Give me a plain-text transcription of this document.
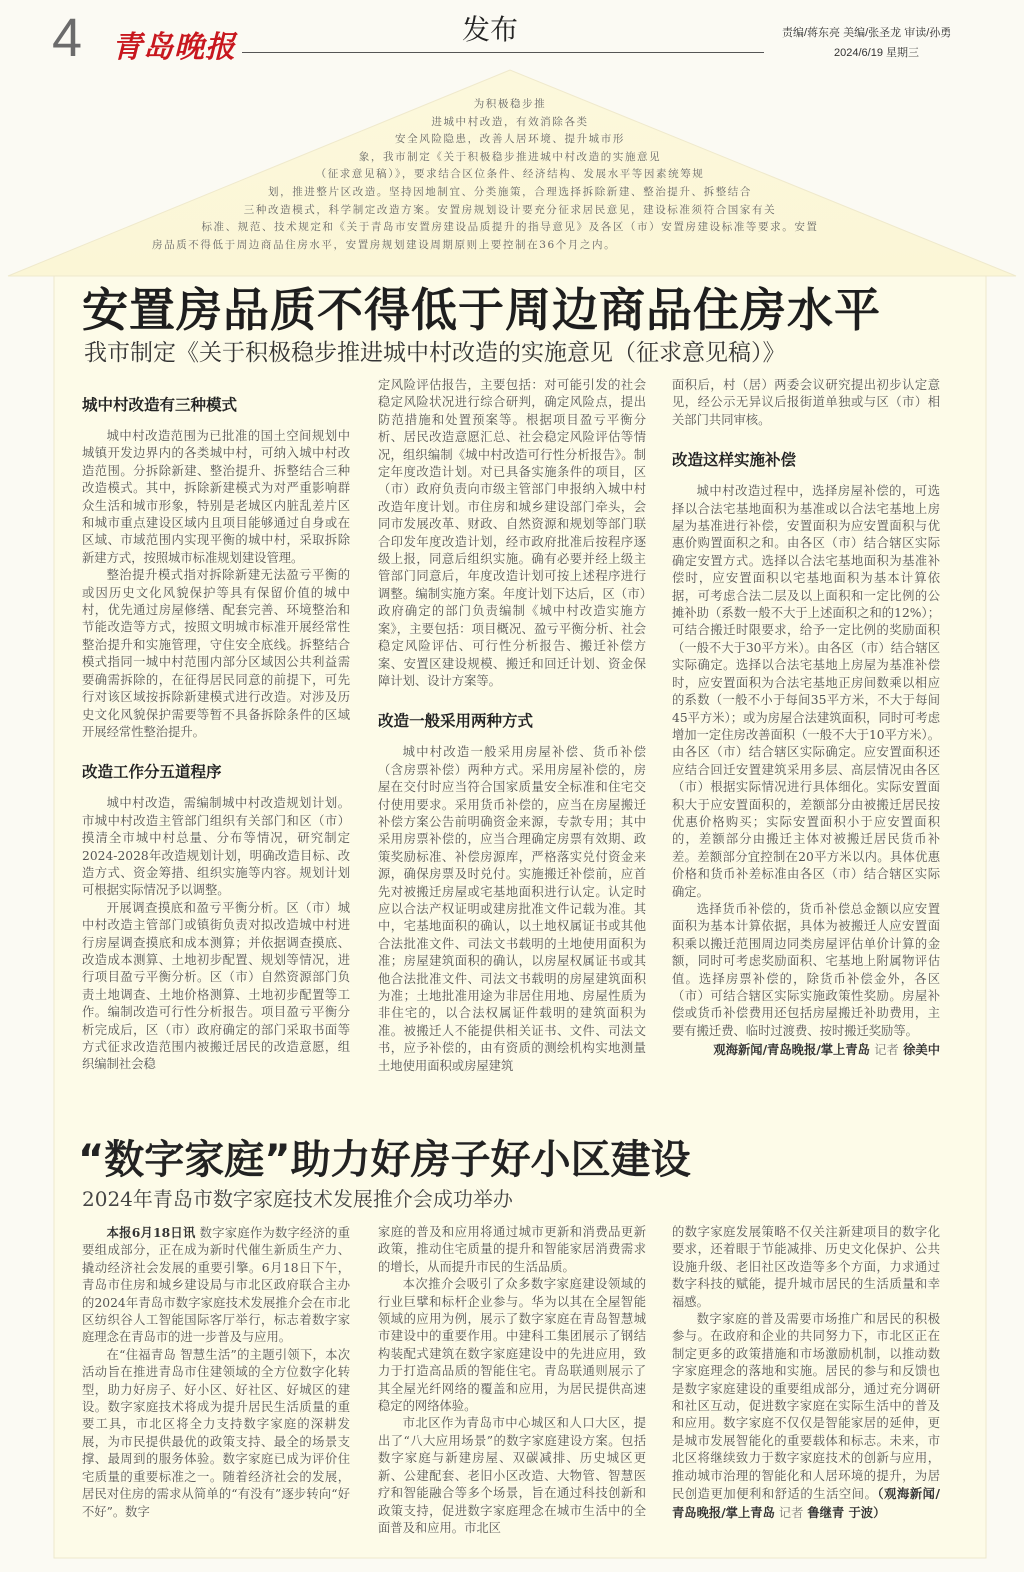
4 青岛晚报
发布	责编/蒋东亮 美编/张圣龙 审读/孙勇
2024/6/19 星期三
为积极稳步推
进城中村改造，有效消除各类
安全风险隐患，改善人居环境、提升城市形
象，我市制定《关于积极稳步推进城中村改造的实施意见
（征求意见稿）》，要求结合区位条件、经济结构、发展水平等因素统筹规
划，推进整片区改造。坚持因地制宜、分类施策，合理选择拆除新建、整治提升、拆整结合
三种改造模式，科学制定改造方案。安置房规划设计要充分征求居民意见，建设标准须符合国家有关
标准、规范、技术规定和《关于青岛市安置房建设品质提升的指导意见》及各区（市）安置房建设标准等要求。安置
房品质不得低于周边商品住房水平，安置房规划建设周期原则上要控制在36个月之内。
安置房品质不得低于周边商品住房水平
我市制定《关于积极稳步推进城中村改造的实施意见（征求意见稿）》
城中村改造有三种模式

城中村改造范围为已批准的国土空间规划中城镇开发边界内的各类城中村，可纳入城中村改造范围。分拆除新建、整治提升、拆整结合三种改造模式。其中，拆除新建模式为对严重影响群众生活和城市形象，特别是老城区内脏乱差片区和城市重点建设区域内且项目能够通过自身或在区域、市域范围内实现平衡的城中村，采取拆除新建方式，按照城市标准规划建设管理。

整治提升模式指对拆除新建无法盈亏平衡的或因历史文化风貌保护等具有保留价值的城中村，优先通过房屋修缮、配套完善、环境整治和节能改造等方式，按照文明城市标准开展经常性整治提升和实施管理，守住安全底线。拆整结合模式指同一城中村范围内部分区域因公共利益需要确需拆除的，在征得居民同意的前提下，可先行对该区域按拆除新建模式进行改造。对涉及历史文化风貌保护需要等暂不具备拆除条件的区域开展经常性整治提升。

改造工作分五道程序

城中村改造，需编制城中村改造规划计划。市城中村改造主管部门组织有关部门和区（市）摸清全市城中村总量、分布等情况，研究制定2024-2028年改造规划计划，明确改造目标、改造方式、资金筹措、组织实施等内容。规划计划可根据实际情况予以调整。

开展调查摸底和盈亏平衡分析。区（市）城中村改造主管部门或镇街负责对拟改造城中村进行房屋调查摸底和成本测算；并依据调查摸底、改造成本测算、土地初步配置、规划等情况，进行项目盈亏平衡分析。区（市）自然资源部门负责土地调查、土地价格测算、土地初步配置等工作。编制改造可行性分析报告。项目盈亏平衡分析完成后，区（市）政府确定的部门采取书面等方式征求改造范围内被搬迁居民的改造意愿，组织编制社会稳

定风险评估报告，主要包括：对可能引发的社会稳定风险状况进行综合研判，确定风险点，提出防范措施和处置预案等。根据项目盈亏平衡分析、居民改造意愿汇总、社会稳定风险评估等情况，组织编制《城中村改造可行性分析报告》。制定年度改造计划。对已具备实施条件的项目，区（市）政府负责向市级主管部门申报纳入城中村改造年度计划。市住房和城乡建设部门牵头，会同市发展改革、财政、自然资源和规划等部门联合印发年度改造计划，经市政府批准后按程序逐级上报，同意后组织实施。确有必要并经上级主管部门同意后，年度改造计划可按上述程序进行调整。编制实施方案。年度计划下达后，区（市）政府确定的部门负责编制《城中村改造实施方案》，主要包括：项目概况、盈亏平衡分析、社会稳定风险评估、可行性分析报告、搬迁补偿方案、安置区建设规模、搬迁和回迁计划、资金保障计划、设计方案等。

改造一般采用两种方式

城中村改造一般采用房屋补偿、货币补偿（含房票补偿）两种方式。采用房屋补偿的，房屋在交付时应当符合国家质量安全标准和住宅交付使用要求。采用货币补偿的，应当在房屋搬迁补偿方案公告前明确资金来源，专款专用；其中采用房票补偿的，应当合理确定房票有效期、政策奖励标准、补偿房源库，严格落实兑付资金来源，确保房票及时兑付。实施搬迁补偿前，应首先对被搬迁房屋或宅基地面积进行认定。认定时应以合法产权证明或建房批准文件记载为准。其中，宅基地面积的确认，以土地权属证书或其他合法批准文件、司法文书载明的土地使用面积为准；房屋建筑面积的确认，以房屋权属证书或其他合法批准文件、司法文书载明的房屋建筑面积为准；土地批准用途为非居住用地、房屋性质为非住宅的，以合法权属证件载明的建筑面积为准。被搬迁人不能提供相关证书、文件、司法文书，应予补偿的，由有资质的测绘机构实地测量土地使用面积或房屋建筑

面积后，村（居）两委会议研究提出初步认定意见，经公示无异议后报街道单独或与区（市）相关部门共同审核。

改造这样实施补偿

城中村改造过程中，选择房屋补偿的，可选择以合法宅基地面积为基准或以合法宅基地上房屋为基准进行补偿，安置面积为应安置面积与优惠价购置面积之和。由各区（市）结合辖区实际确定安置方式。选择以合法宅基地面积为基准补偿时，应安置面积以宅基地面积为基本计算依据，可考虑合法二层及以上面积和一定比例的公摊补助（系数一般不大于上述面积之和的12%）；可结合搬迁时限要求，给予一定比例的奖励面积（一般不大于30平方米）。由各区（市）结合辖区实际确定。选择以合法宅基地上房屋为基准补偿时，应安置面积为合法宅基地正房间数乘以相应的系数（一般不小于每间35平方米，不大于每间45平方米）；或为房屋合法建筑面积，同时可考虑增加一定住房改善面积（一般不大于10平方米）。由各区（市）结合辖区实际确定。应安置面积还应结合回迁安置建筑采用多层、高层情况由各区（市）根据实际情况进行具体细化。实际安置面积大于应安置面积的，差额部分由被搬迁居民按优惠价格购买；实际安置面积小于应安置面积的，差额部分由搬迁主体对被搬迁居民货币补差。差额部分宜控制在20平方米以内。具体优惠价格和货币补差标准由各区（市）结合辖区实际确定。

选择货币补偿的，货币补偿总金额以应安置面积为基本计算依据，具体为被搬迁人应安置面积乘以搬迁范围周边同类房屋评估单价计算的金额，同时可考虑奖励面积、宅基地上附属物评估值。选择房票补偿的，除货币补偿金外，各区（市）可结合辖区实际实施政策性奖励。房屋补偿或货币补偿费用还包括房屋搬迁补助费用，主要有搬迁费、临时过渡费、按时搬迁奖励等。

观海新闻/青岛晚报/掌上青岛 记者 徐美中
“数字家庭”助力好房子好小区建设
2024年青岛市数字家庭技术发展推介会成功举办

本报6月18日讯 数字家庭作为数字经济的重要组成部分，正在成为新时代催生新质生产力、撬动经济社会发展的重要引擎。6月18日下午，青岛市住房和城乡建设局与市北区政府联合主办的2024年青岛市数字家庭技术发展推介会在市北区纺织谷人工智能国际客厅举行，标志着数字家庭理念在青岛市的进一步普及与应用。

在“住福青岛 智慧生活”的主题引领下，本次活动旨在推进青岛市住建领域的全方位数字化转型，助力好房子、好小区、好社区、好城区的建设。数字家庭技术将成为提升居民生活质量的重要工具，市北区将全力支持数字家庭的深耕发展，为市民提供最优的政策支持、最全的场景支撑、最周到的服务体验。数字家庭已成为评价住宅质量的重要标准之一。随着经济社会的发展，居民对住房的需求从简单的“有没有”逐步转向“好不好”。数字

家庭的普及和应用将通过城市更新和消费品更新政策，推动住宅质量的提升和智能家居消费需求的增长，从而提升市民的生活品质。

本次推介会吸引了众多数字家庭建设领域的行业巨擘和标杆企业参与。华为以其在全屋智能领域的应用为例，展示了数字家庭在青岛智慧城市建设中的重要作用。中建科工集团展示了钢结构装配式建筑在数字家庭建设中的先进应用，致力于打造高品质的智能住宅。青岛联通则展示了其全屋光纤网络的覆盖和应用，为居民提供高速稳定的网络体验。

市北区作为青岛市中心城区和人口大区，提出了“八大应用场景”的数字家庭建设方案。包括数字家庭与新建房屋、双碳减排、历史城区更新、公建配套、老旧小区改造、大物管、智慧医疗和智能融合等多个场景，旨在通过科技创新和政策支持，促进数字家庭理念在城市生活中的全面普及和应用。市北区

的数字家庭发展策略不仅关注新建项目的数字化要求，还着眼于节能减排、历史文化保护、公共设施升级、老旧社区改造等多个方面，力求通过数字科技的赋能，提升城市居民的生活质量和幸福感。

数字家庭的普及需要市场推广和居民的积极参与。在政府和企业的共同努力下，市北区正在制定更多的政策措施和市场激励机制，以推动数字家庭理念的落地和实施。居民的参与和反馈也是数字家庭建设的重要组成部分，通过充分调研和社区互动，促进数字家庭在实际生活中的普及和应用。数字家庭不仅仅是智能家居的延伸，更是城市发展智能化的重要载体和标志。未来，市北区将继续致力于数字家庭技术的创新与应用，推动城市治理的智能化和人居环境的提升，为居民创造更加便利和舒适的生活空间。（观海新闻/青岛晚报/掌上青岛 记者 鲁继青 于波）
